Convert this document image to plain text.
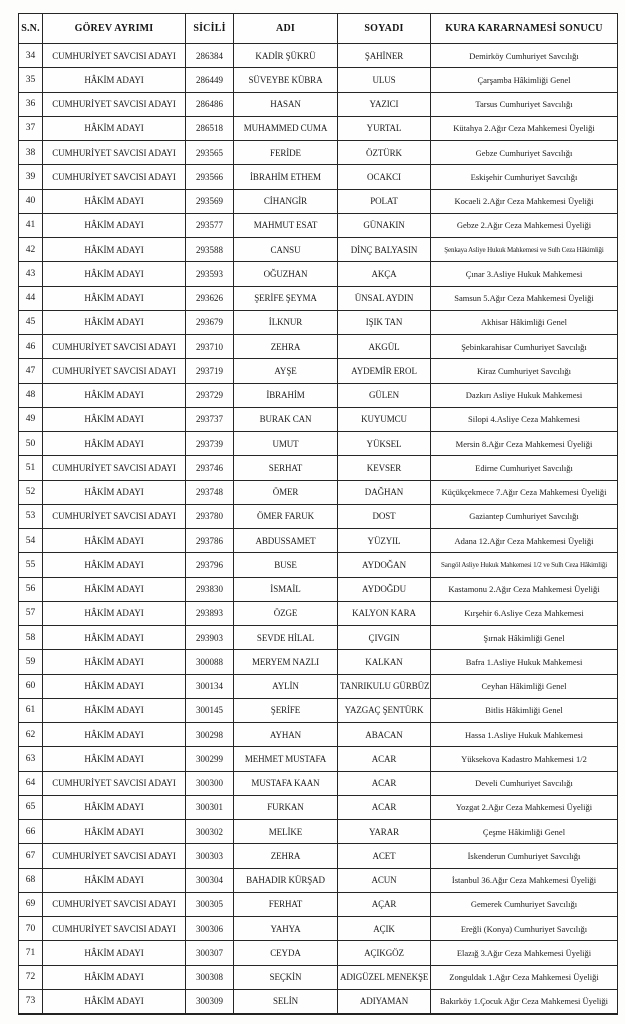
S.N.	GÖREV AYRIMI	SİCİLİ	ADI	SOYADI	KURA KARARNAMESİ SONUCU
34	CUMHURİYET SAVCISI ADAYI	286384	KADİR ŞÜKRÜ	ŞAHİNER	Demirköy Cumhuriyet Savcılığı
35	HÂKİM ADAYI	286449	SÜVEYBE KÜBRA	ULUS	Çarşamba Hâkimliği Genel
36	CUMHURİYET SAVCISI ADAYI	286486	HASAN	YAZICI	Tarsus Cumhuriyet Savcılığı
37	HÂKİM ADAYI	286518	MUHAMMED CUMA	YURTAL	Kütahya 2.Ağır Ceza Mahkemesi Üyeliği
38	CUMHURİYET SAVCISI ADAYI	293565	FERİDE	ÖZTÜRK	Gebze Cumhuriyet Savcılığı
39	CUMHURİYET SAVCISI ADAYI	293566	İBRAHİM ETHEM	OCAKCI	Eskişehir Cumhuriyet Savcılığı
40	HÂKİM ADAYI	293569	CİHANGİR	POLAT	Kocaeli 2.Ağır Ceza Mahkemesi Üyeliği
41	HÂKİM ADAYI	293577	MAHMUT ESAT	GÜNAKIN	Gebze 2.Ağır Ceza Mahkemesi Üyeliği
42	HÂKİM ADAYI	293588	CANSU	DİNÇ BALYASIN	Şenkaya Asliye Hukuk Mahkemesi ve Sulh Ceza Hâkimliği
43	HÂKİM ADAYI	293593	OĞUZHAN	AKÇA	Çınar 3.Asliye Hukuk Mahkemesi
44	HÂKİM ADAYI	293626	ŞERİFE ŞEYMA	ÜNSAL AYDIN	Samsun 5.Ağır Ceza Mahkemesi Üyeliği
45	HÂKİM ADAYI	293679	İLKNUR	IŞIK TAN	Akhisar Hâkimliği Genel
46	CUMHURİYET SAVCISI ADAYI	293710	ZEHRA	AKGÜL	Şebinkarahisar Cumhuriyet Savcılığı
47	CUMHURİYET SAVCISI ADAYI	293719	AYŞE	AYDEMİR EROL	Kiraz Cumhuriyet Savcılığı
48	HÂKİM ADAYI	293729	İBRAHİM	GÜLEN	Dazkırı Asliye Hukuk Mahkemesi
49	HÂKİM ADAYI	293737	BURAK CAN	KUYUMCU	Silopi 4.Asliye Ceza Mahkemesi
50	HÂKİM ADAYI	293739	UMUT	YÜKSEL	Mersin 8.Ağır Ceza Mahkemesi Üyeliği
51	CUMHURİYET SAVCISI ADAYI	293746	SERHAT	KEVSER	Edirne Cumhuriyet Savcılığı
52	HÂKİM ADAYI	293748	ÖMER	DAĞHAN	Küçükçekmece 7.Ağır Ceza Mahkemesi Üyeliği
53	CUMHURİYET SAVCISI ADAYI	293780	ÖMER FARUK	DOST	Gaziantep Cumhuriyet Savcılığı
54	HÂKİM ADAYI	293786	ABDUSSAMET	YÜZYIL	Adana 12.Ağır Ceza Mahkemesi Üyeliği
55	HÂKİM ADAYI	293796	BUSE	AYDOĞAN	Sarıgöl Asliye Hukuk Mahkemesi 1/2 ve Sulh Ceza Hâkimliği
56	HÂKİM ADAYI	293830	İSMAİL	AYDOĞDU	Kastamonu 2.Ağır Ceza Mahkemesi Üyeliği
57	HÂKİM ADAYI	293893	ÖZGE	KALYON KARA	Kırşehir 6.Asliye Ceza Mahkemesi
58	HÂKİM ADAYI	293903	SEVDE HİLAL	ÇIVGIN	Şırnak Hâkimliği Genel
59	HÂKİM ADAYI	300088	MERYEM NAZLI	KALKAN	Bafra 1.Asliye Hukuk Mahkemesi
60	HÂKİM ADAYI	300134	AYLİN	TANRIKULU GÜRBÜZ	Ceyhan Hâkimliği Genel
61	HÂKİM ADAYI	300145	ŞERİFE	YAZGAÇ ŞENTÜRK	Bitlis Hâkimliği Genel
62	HÂKİM ADAYI	300298	AYHAN	ABACAN	Hassa 1.Asliye Hukuk Mahkemesi
63	HÂKİM ADAYI	300299	MEHMET MUSTAFA	ACAR	Yüksekova Kadastro Mahkemesi 1/2
64	CUMHURİYET SAVCISI ADAYI	300300	MUSTAFA KAAN	ACAR	Develi Cumhuriyet Savcılığı
65	HÂKİM ADAYI	300301	FURKAN	ACAR	Yozgat 2.Ağır Ceza Mahkemesi Üyeliği
66	HÂKİM ADAYI	300302	MELİKE	YARAR	Çeşme Hâkimliği Genel
67	CUMHURİYET SAVCISI ADAYI	300303	ZEHRA	ACET	İskenderun Cumhuriyet Savcılığı
68	HÂKİM ADAYI	300304	BAHADIR KÜRŞAD	ACUN	İstanbul 36.Ağır Ceza Mahkemesi Üyeliği
69	CUMHURİYET SAVCISI ADAYI	300305	FERHAT	AÇAR	Gemerek Cumhuriyet Savcılığı
70	CUMHURİYET SAVCISI ADAYI	300306	YAHYA	AÇIK	Ereğli (Konya) Cumhuriyet Savcılığı
71	HÂKİM ADAYI	300307	CEYDA	AÇIKGÖZ	Elazığ 3.Ağır Ceza Mahkemesi Üyeliği
72	HÂKİM ADAYI	300308	SEÇKİN	ADIGÜZEL MENEKŞE	Zonguldak 1.Ağır Ceza Mahkemesi Üyeliği
73	HÂKİM ADAYI	300309	SELİN	ADIYAMAN	Bakırköy 1.Çocuk Ağır Ceza Mahkemesi Üyeliği
